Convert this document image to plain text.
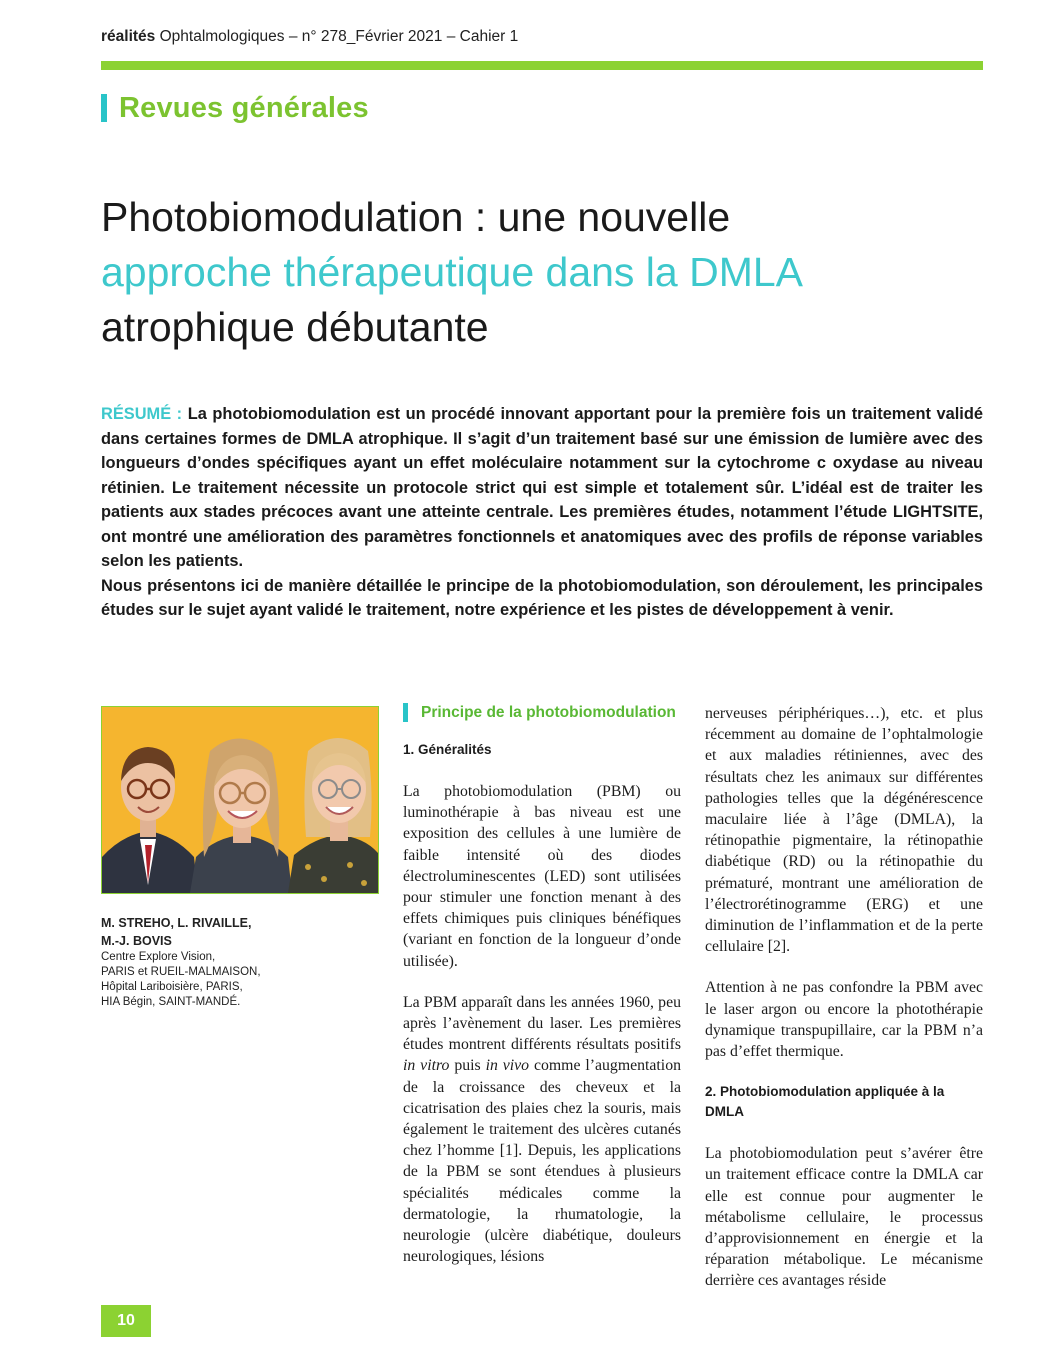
réalités Ophtalmologiques – n° 278_Février 2021 – Cahier 1
Revues générales
Photobiomodulation : une nouvelle
approche thérapeutique dans la DMLA
atrophique débutante

RÉSUMÉ : La photobiomodulation est un procédé innovant apportant pour la première fois un traitement validé dans certaines formes de DMLA atrophique. Il s’agit d’un traitement basé sur une émission de lumière avec des longueurs d’ondes spécifiques ayant un effet moléculaire notamment sur la cytochrome c oxydase au niveau rétinien. Le traitement nécessite un protocole strict qui est simple et totalement sûr. L’idéal est de traiter les patients aux stades précoces avant une atteinte centrale. Les premières études, notamment l’étude LIGHTSITE, ont montré une amélioration des paramètres fonctionnels et anatomiques avec des profils de réponse variables selon les patients.

Nous présentons ici de manière détaillée le principe de la photobiomodulation, son déroulement, les principales études sur le sujet ayant validé le traitement, notre expérience et les pistes de développement à venir.

M. STREHO, L. RIVAILLE,
M.-J. BOVIS
Centre Explore Vision,
PARIS et RUEIL-MALMAISON,
Hôpital Lariboisière, PARIS,
HIA Bégin, SAINT-MANDÉ.
Principe de la photobiomodulation
1. Généralités

La photobiomodulation (PBM) ou luminothérapie à bas niveau est une exposition des cellules à une lumière de faible intensité où des diodes électroluminescentes (LED) sont utilisées pour stimuler une fonction menant à des effets chimiques puis cliniques bénéfiques (variant en fonction de la longueur d’onde utilisée).

La PBM apparaît dans les années 1960, peu après l’avènement du laser. Les premières études montrent différents résultats positifs in vitro puis in vivo comme l’augmentation de la croissance des cheveux et la cicatrisation des plaies chez la souris, mais également le traitement des ulcères cutanés chez l’homme [1]. Depuis, les applications de la PBM se sont étendues à plusieurs spécialités médicales comme la dermatologie, la rhumatologie, la neurologie (ulcère diabétique, douleurs neurologiques, lésions

nerveuses périphériques…), etc. et plus récemment au domaine de l’ophtalmologie et aux maladies rétiniennes, avec des résultats chez les animaux sur différentes pathologies telles que la dégénérescence maculaire liée à l’âge (DMLA), la rétinopathie pigmentaire, la rétinopathie diabétique (RD) ou la rétinopathie du prématuré, montrant une amélioration de l’électrorétinogramme (ERG) et une diminution de l’inflammation et de la perte cellulaire [2].

Attention à ne pas confondre la PBM avec le laser argon ou encore la photothérapie dynamique transpupillaire, car la PBM n’a pas d’effet thermique.

2. Photobiomodulation appliquée à la DMLA

La photobiomodulation peut s’avérer être un traitement efficace contre la DMLA car elle est connue pour augmenter le métabolisme cellulaire, le processus d’approvisionnement en énergie et la réparation métabolique. Le mécanisme derrière ces avantages réside

10
